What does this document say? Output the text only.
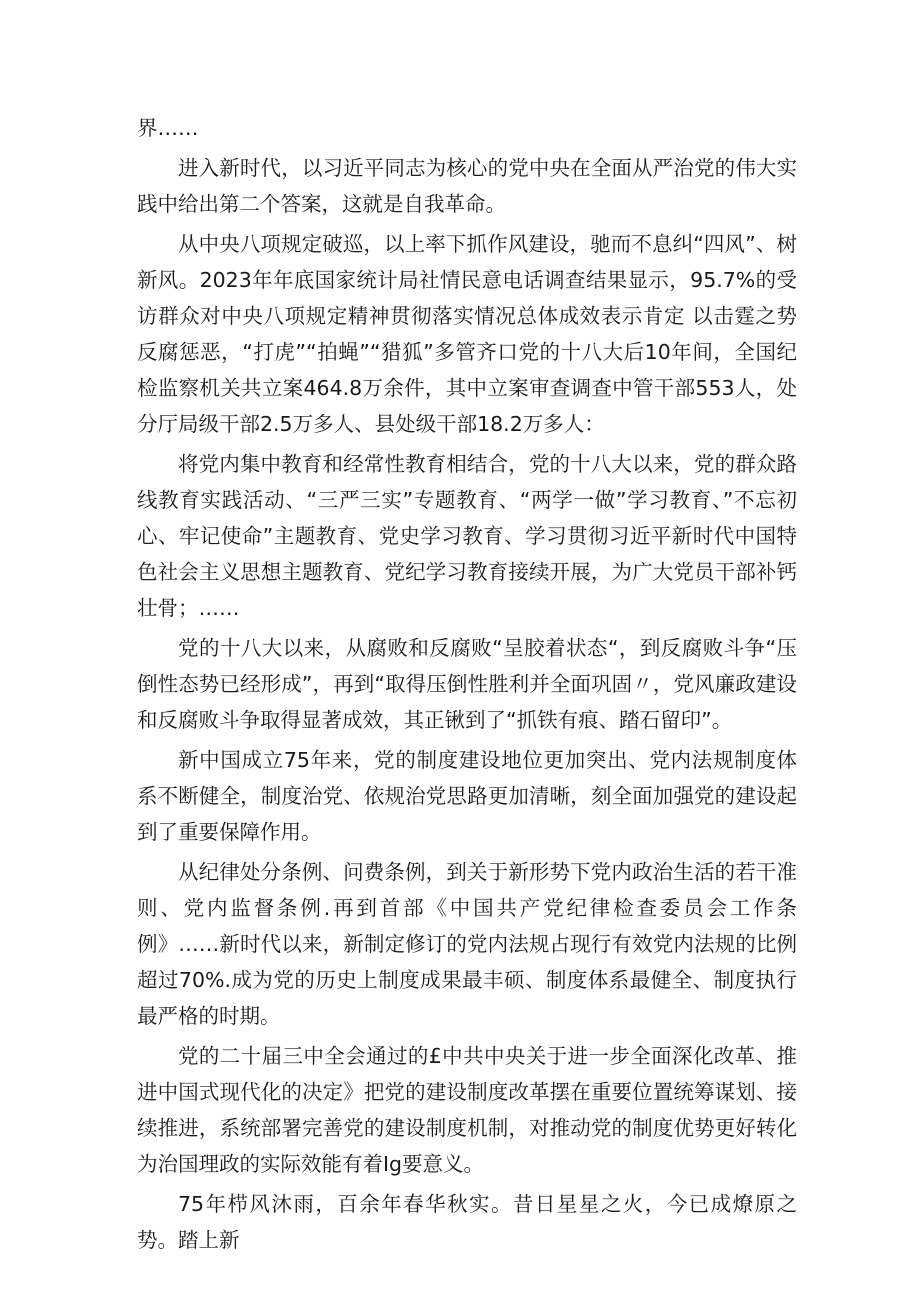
界……

进入新时代，以习近平同志为核心的党中央在全面从严治党的伟大实践中给出第二个答案，这就是自我革命。

从中央八项规定破巡，以上率下抓作风建设，驰而不息纠“四风”、树新风。2023年年底国家统计局社情民意电话调查结果显示，95.7%的受访群众对中央八项规定精神贯彻落实情况总体成效表示肯定 以击霆之势反腐惩恶，“打虎”“拍蝇”“猎狐”多管齐口党的十八大后10年间，全国纪检监察机关共立案464.8万余件，其中立案审查调查中管干部553人，处分厅局级干部2.5万多人、县处级干部18.2万多人：

将党内集中教育和经常性教育相结合，党的十八大以来，党的群众路线教育实践活动、“三严三实”专题教育、“两学一做”学习教育、”不忘初心、牢记使命”主题教育、党史学习教育、学习贯彻习近平新时代中国特色社会主义思想主题教育、党纪学习教育接续开展，为广大党员干部补钙壮骨；……

党的十八大以来，从腐败和反腐败“呈胶着状态“，到反腐败斗争“压倒性态势已经形成”，再到“取得压倒性胜利并全面巩固〃，党风廉政建设和反腐败斗争取得显著成效，其正锹到了“抓铁有痕、踏石留印”。

新中国成立75年来，党的制度建设地位更加突出、党内法规制度体系不断健全，制度治党、依规治党思路更加清晰，刻全面加强党的建设起到了重要保障作用。

从纪律处分条例、问费条例，到关于新形势下党内政治生活的若干准则、党内监督条例.再到首部《中国共产党纪律检查委员会工作条例》……新时代以来，新制定修订的党内法规占现行有效党内法规的比例超过70%.成为党的历史上制度成果最丰硕、制度体系最健全、制度执行最严格的时期。

党的二十届三中全会通过的£中共中央关于进一步全面深化改革、推进中国式现代化的决定》把党的建设制度改革摆在重要位置统筹谋划、接续推进，系统部署完善党的建设制度机制，对推动党的制度优势更好转化为治国理政的实际效能有着Ig要意义。

75年栉风沐雨，百余年春华秋实。昔日星星之火，今已成燎原之势。踏上新
